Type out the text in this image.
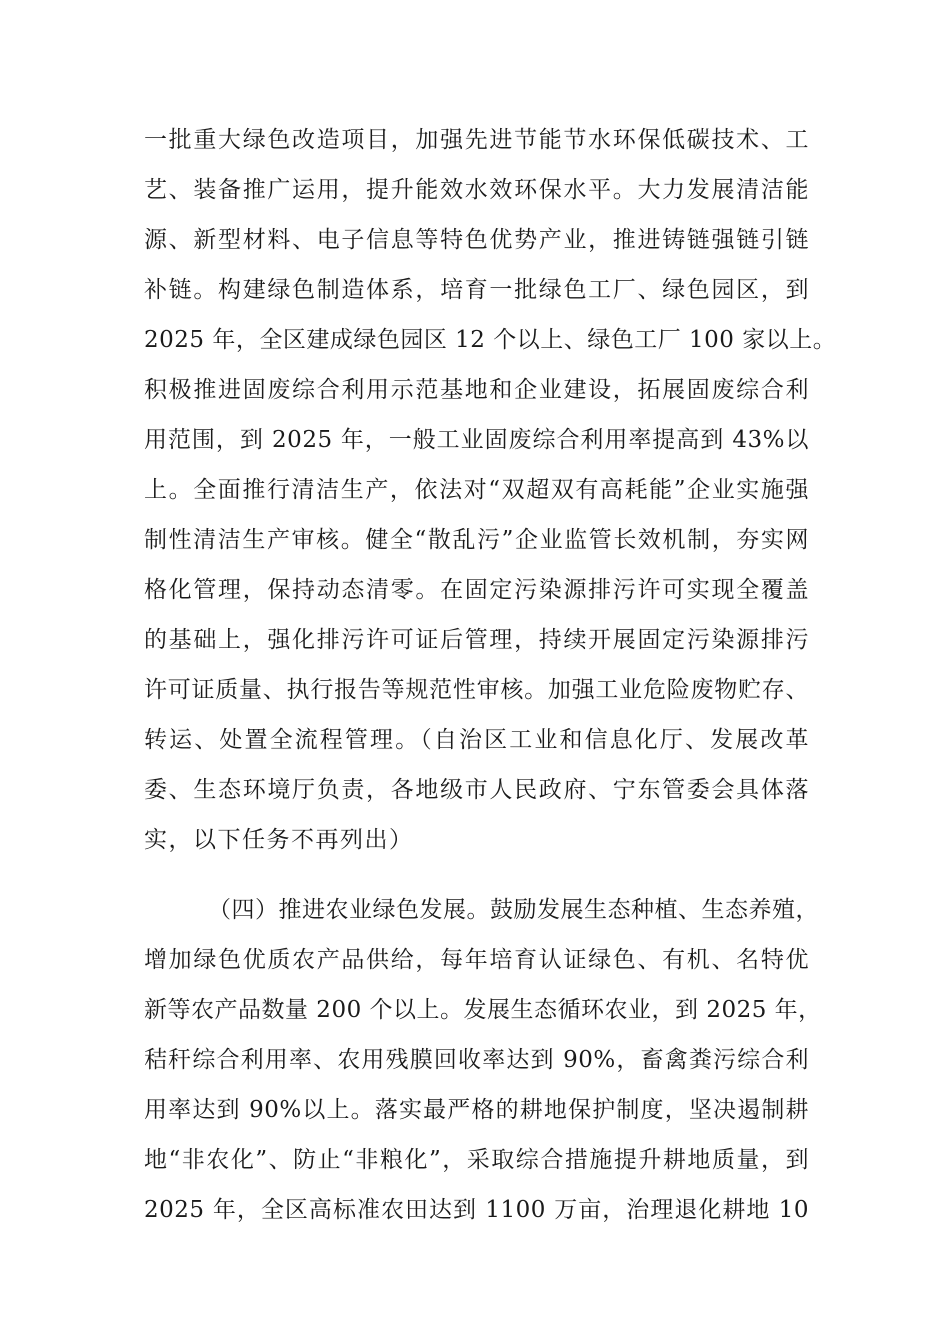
一批重大绿色改造项目，加强先进节能节水环保低碳技术、工
艺、装备推广运用，提升能效水效环保水平。大力发展清洁能
源、新型材料、电子信息等特色优势产业，推进铸链强链引链
补链。构建绿色制造体系，培育一批绿色工厂、绿色园区，到
2025 年，全区建成绿色园区 12 个以上、绿色工厂 100 家以上。
积极推进固废综合利用示范基地和企业建设，拓展固废综合利
用范围，到 2025 年，一般工业固废综合利用率提高到 43%以
上。全面推行清洁生产，依法对“双超双有高耗能”企业实施强
制性清洁生产审核。健全“散乱污”企业监管长效机制，夯实网
格化管理，保持动态清零。在固定污染源排污许可实现全覆盖
的基础上，强化排污许可证后管理，持续开展固定污染源排污
许可证质量、执行报告等规范性审核。加强工业危险废物贮存、
转运、处置全流程管理。（自治区工业和信息化厅、发展改革
委、生态环境厅负责，各地级市人民政府、宁东管委会具体落
实，以下任务不再列出）
（四）推进农业绿色发展。鼓励发展生态种植、生态养殖，
增加绿色优质农产品供给，每年培育认证绿色、有机、名特优
新等农产品数量 200 个以上。发展生态循环农业，到 2025 年，
秸秆综合利用率、农用残膜回收率达到 90%，畜禽粪污综合利
用率达到 90%以上。落实最严格的耕地保护制度，坚决遏制耕
地“非农化”、防止“非粮化”，采取综合措施提升耕地质量，到
2025 年，全区高标准农田达到 1100 万亩，治理退化耕地 10
